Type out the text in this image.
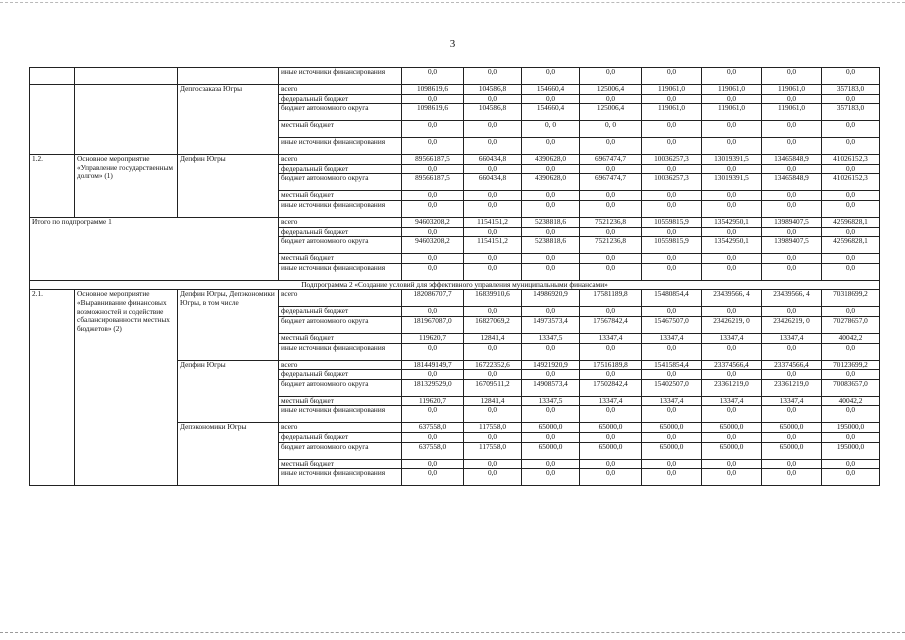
3
			иные источники финансирования	0,0	0,0	0,0	0,0	0,0	0,0	0,0	0,0
		Депгосзаказа Югры	всего	1098619,6	104586,8	154660,4	125006,4	119061,0	119061,0	119061,0	357183,0
			федеральный бюджет	0,0	0,0	0,0	0,0	0,0	0,0	0,0	0,0
			бюджет автономного округа	1098619,6	104586,8	154660,4	125006,4	119061,0	119061,0	119061,0	357183,0
			местный бюджет	0,0	0,0	0, 0	0, 0	0,0	0,0	0,0	0,0
			иные источники финансирования	0,0	0,0	0,0	0,0	0,0	0,0	0,0	0,0
1.2.	Основное мероприятие «Управление государственным долгом» (1)	Депфин Югры	всего	89566187,5	660434,8	4390628,0	6967474,7	10036257,3	13019391,5	13465848,9	41026152,3
			федеральный бюджет	0,0	0,0	0,0	0,0	0,0	0,0	0,0	0,0
			бюджет автономного округа	89566187,5	660434,8	4390628,0	6967474,7	10036257,3	13019391,5	13465848,9	41026152,3
			местный бюджет	0,0	0,0	0,0	0,0	0,0	0,0	0,0	0,0
			иные источники финансирования	0,0	0,0	0,0	0,0	0,0	0,0	0,0	0,0
Итого по подпрограмме 1			всего	94603208,2	1154151,2	5238818,6	7521236,8	10559815,9	13542950,1	13989407,5	42596828,1
			федеральный бюджет	0,0	0,0	0,0	0,0	0,0	0,0	0,0	0,0
			бюджет автономного округа	94603208,2	1154151,2	5238818,6	7521236,8	10559815,9	13542950,1	13989407,5	42596828,1
			местный бюджет	0,0	0,0	0,0	0,0	0,0	0,0	0,0	0,0
			иные источники финансирования	0,0	0,0	0,0	0,0	0,0	0,0	0,0	0,0
Подпрограмма 2 «Создание условий для эффективного управления муниципальными финансами»											
2.1.	Основное мероприятие «Выравнивание финансовых возможностей и содействие сбалансированности местных бюджетов» (2)	Депфин Югры, Депэкономики Югры, в том числе	всего	182086707,7	16839910,6	14986920,9	17581189,8	15480854,4	23439566, 4	23439566, 4	70318699,2
			федеральный бюджет	0,0	0,0	0,0	0,0	0,0	0,0	0,0	0,0
			бюджет автономного округа	181967087,0	16827069,2	14973573,4	17567842,4	15467507,0	23426219, 0	23426219, 0	70278657,0
			местный бюджет	119620,7	12841,4	13347,5	13347,4	13347,4	13347,4	13347,4	40042,2
			иные источники финансирования	0,0	0,0	0,0	0,0	0,0	0,0	0,0	0,0
		Депфин Югры	всего	181449149,7	16722352,6	14921920,9	17516189,8	15415854,4	23374566,4	23374566,4	70123699,2
			федеральный бюджет	0,0	0,0	0,0	0,0	0,0	0,0	0,0	0,0
			бюджет автономного округа	181329529,0	16709511,2	14908573,4	17502842,4	15402507,0	23361219,0	23361219,0	70083657,0
			местный бюджет	119620,7	12841,4	13347,5	13347,4	13347,4	13347,4	13347,4	40042,2
			иные источники финансирования	0,0	0,0	0,0	0,0	0,0	0,0	0,0	0,0
		Депэкономики Югры	всего	637558,0	117558,0	65000,0	65000,0	65000,0	65000,0	65000,0	195000,0
			федеральный бюджет	0,0	0,0	0,0	0,0	0,0	0,0	0,0	0,0
			бюджет автономного округа	637558,0	117558,0	65000,0	65000,0	65000,0	65000,0	65000,0	195000,0
			местный бюджет	0,0	0,0	0,0	0,0	0,0	0,0	0,0	0,0
			иные источники финансирования	0,0	0,0	0,0	0,0	0,0	0,0	0,0	0,0
